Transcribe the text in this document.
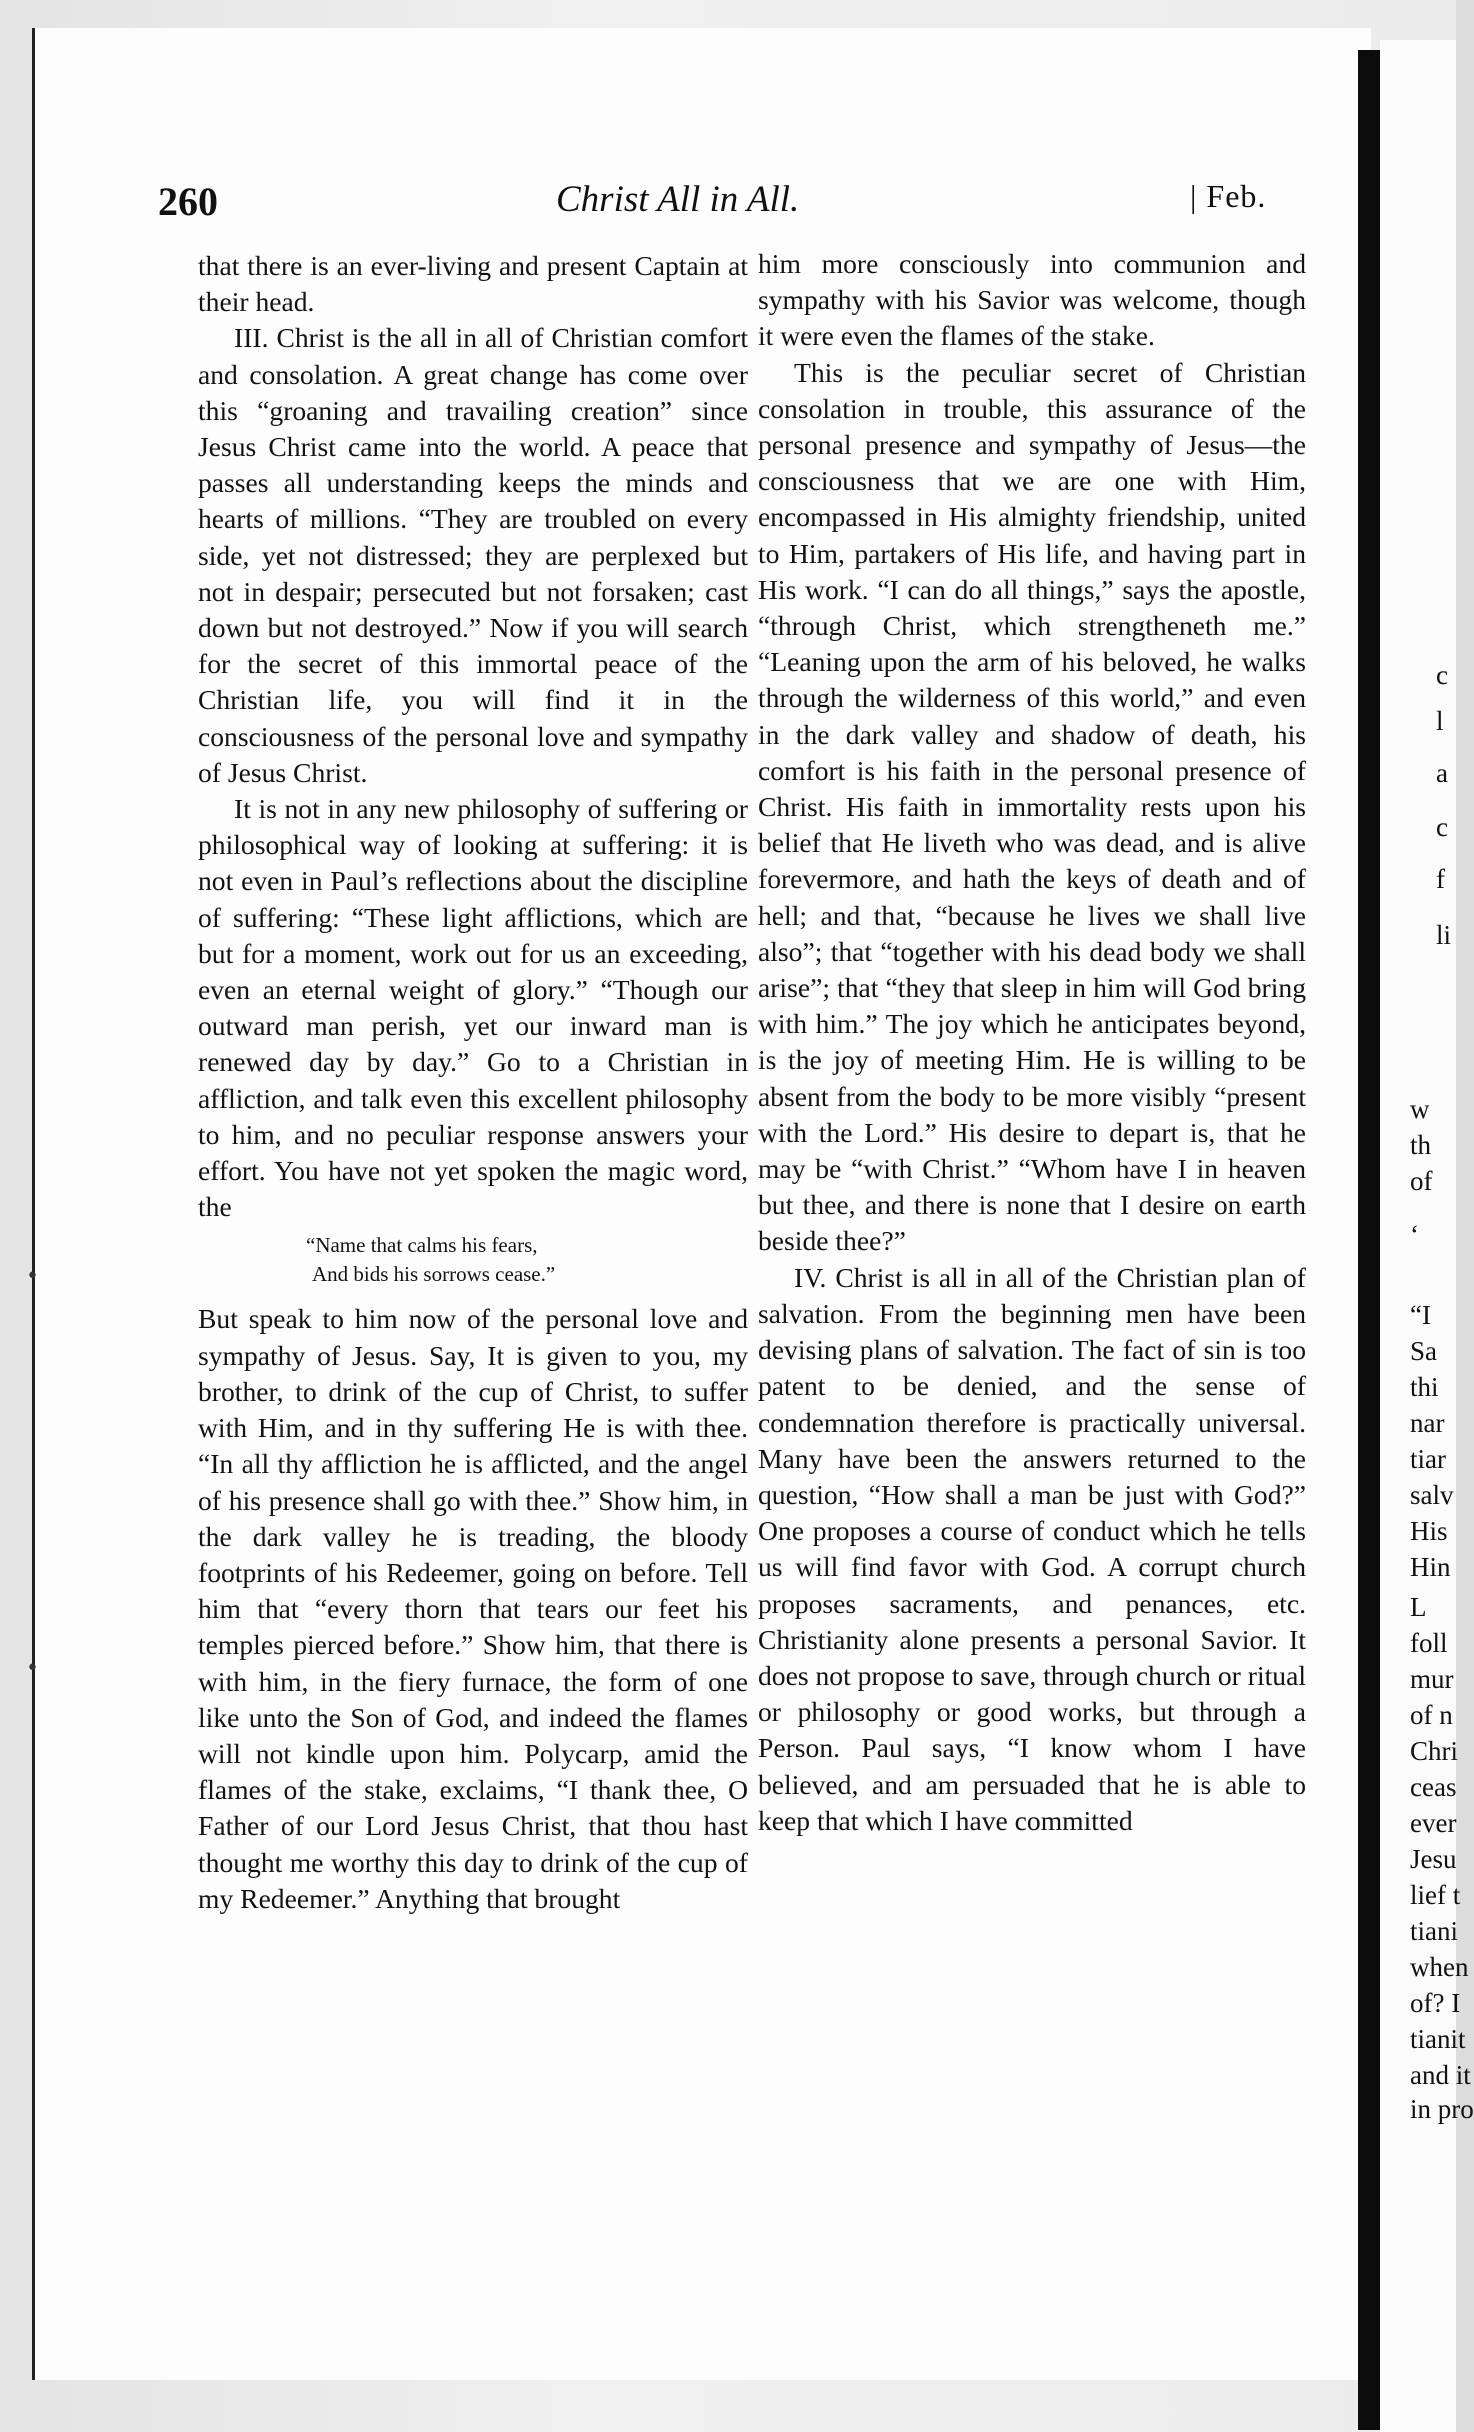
c
l
a
c
f
li
w
th
of
‘
“I
Sa
thi
nar
tiar
salv
His
Hin
L
foll
mur
of n
Chri
ceas
ever
Jesu
lief t
tiani
when
of? I
tianit
and it
in pro
260	Christ All in All.	| Feb.

that there is an ever-living and present Captain at their head.

III. Christ is the all in all of Christian comfort and consolation. A great change has come over this “groaning and travailing creation” since Jesus Christ came into the world. A peace that passes all understanding keeps the minds and hearts of millions. “They are troubled on every side, yet not distressed; they are perplexed but not in despair; persecuted but not forsaken; cast down but not destroyed.” Now if you will search for the secret of this immortal peace of the Christian life, you will find it in the consciousness of the personal love and sympathy of Jesus Christ.

It is not in any new philosophy of suffering or philosophical way of looking at suffering: it is not even in Paul’s reflections about the discipline of suffering: “These light afflictions, which are but for a moment, work out for us an exceeding, even an eternal weight of glory.” “Though our outward man perish, yet our inward man is renewed day by day.” Go to a Christian in affliction, and talk even this excellent philosophy to him, and no peculiar response answers your effort. You have not yet spoken the magic word, the

“Name that calms his fears,
And bids his sorrows cease.”

But speak to him now of the personal love and sympathy of Jesus. Say, It is given to you, my brother, to drink of the cup of Christ, to suffer with Him, and in thy suffering He is with thee. “In all thy affliction he is afflicted, and the angel of his presence shall go with thee.” Show him, in the dark valley he is treading, the bloody footprints of his Redeemer, going on before. Tell him that “every thorn that tears our feet his temples pierced before.” Show him, that there is with him, in the fiery furnace, the form of one like unto the Son of God, and indeed the flames will not kindle upon him. Polycarp, amid the flames of the stake, exclaims, “I thank thee, O Father of our Lord Jesus Christ, that thou hast thought me worthy this day to drink of the cup of my Redeemer.” Anything that brought

him more consciously into communion and sympathy with his Savior was welcome, though it were even the flames of the stake.

This is the peculiar secret of Christian consolation in trouble, this assurance of the personal presence and sympathy of Jesus—the consciousness that we are one with Him, encompassed in His almighty friendship, united to Him, partakers of His life, and having part in His work. “I can do all things,” says the apostle, “through Christ, which strengtheneth me.” “Leaning upon the arm of his beloved, he walks through the wilderness of this world,” and even in the dark valley and shadow of death, his comfort is his faith in the personal presence of Christ. His faith in immortality rests upon his belief that He liveth who was dead, and is alive forevermore, and hath the keys of death and of hell; and that, “because he lives we shall live also”; that “together with his dead body we shall arise”; that “they that sleep in him will God bring with him.” The joy which he anticipates beyond, is the joy of meeting Him. He is willing to be absent from the body to be more visibly “present with the Lord.” His desire to depart is, that he may be “with Christ.” “Whom have I in heaven but thee, and there is none that I desire on earth beside thee?”

IV. Christ is all in all of the Christian plan of salvation. From the beginning men have been devising plans of salvation. The fact of sin is too patent to be denied, and the sense of condemnation therefore is practically universal. Many have been the answers returned to the question, “How shall a man be just with God?” One proposes a course of conduct which he tells us will find favor with God. A corrupt church proposes sacraments, and penances, etc. Christianity alone presents a personal Savior. It does not propose to save, through church or ritual or philosophy or good works, but through a Person. Paul says, “I know whom I have believed, and am persuaded that he is able to keep that which I have committed

•
•
